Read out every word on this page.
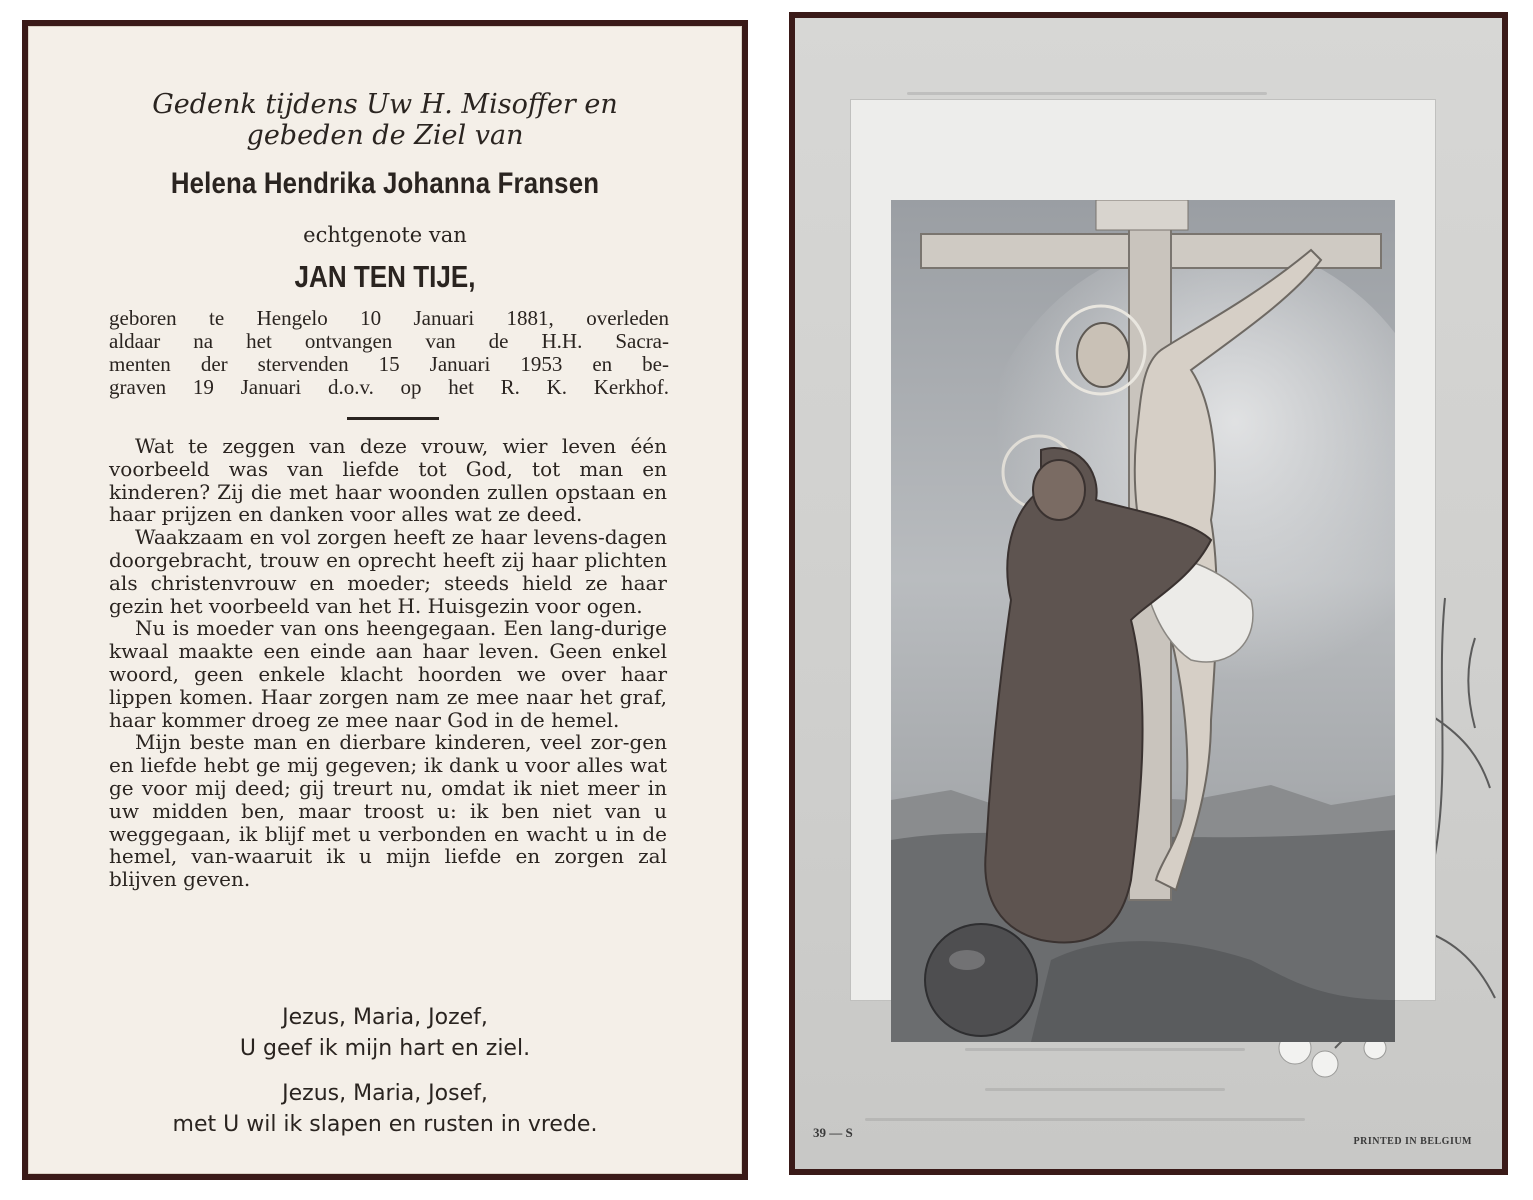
Gedenk tijdens Uw H. Misoffer en
gebeden de Ziel van
Helena Hendrika Johanna Fransen
echtgenote van
JAN TEN TIJE,
geboren te Hengelo 10 Januari 1881, overleden
aldaar na het ontvangen van de H.H. Sacra-
menten der stervenden 15 Januari 1953 en be-
graven 19 Januari d.o.v. op het R. K. Kerkhof.

Wat te zeggen van deze vrouw, wier leven één voorbeeld was van liefde tot God, tot man en kinderen? Zij die met haar woonden zullen opstaan en haar prijzen en danken voor alles wat ze deed.

Waakzaam en vol zorgen heeft ze haar levens-dagen doorgebracht, trouw en oprecht heeft zij haar plichten als christenvrouw en moeder; steeds hield ze haar gezin het voorbeeld van het H. Huisgezin voor ogen.

Nu is moeder van ons heengegaan. Een lang-durige kwaal maakte een einde aan haar leven. Geen enkel woord, geen enkele klacht hoorden we over haar lippen komen. Haar zorgen nam ze mee naar het graf, haar kommer droeg ze mee naar God in de hemel.

Mijn beste man en dierbare kinderen, veel zor-gen en liefde hebt ge mij gegeven; ik dank u voor alles wat ge voor mij deed; gij treurt nu, omdat ik niet meer in uw midden ben, maar troost u: ik ben niet van u weggegaan, ik blijf met u verbonden en wacht u in de hemel, van-waaruit ik u mijn liefde en zorgen zal blijven geven.

Jezus, Maria, Jozef,
U geef ik mijn hart en ziel.
Jezus, Maria, Josef,
met U wil ik slapen en rusten in vrede.	39 — S
PRINTED IN BELGIUM
